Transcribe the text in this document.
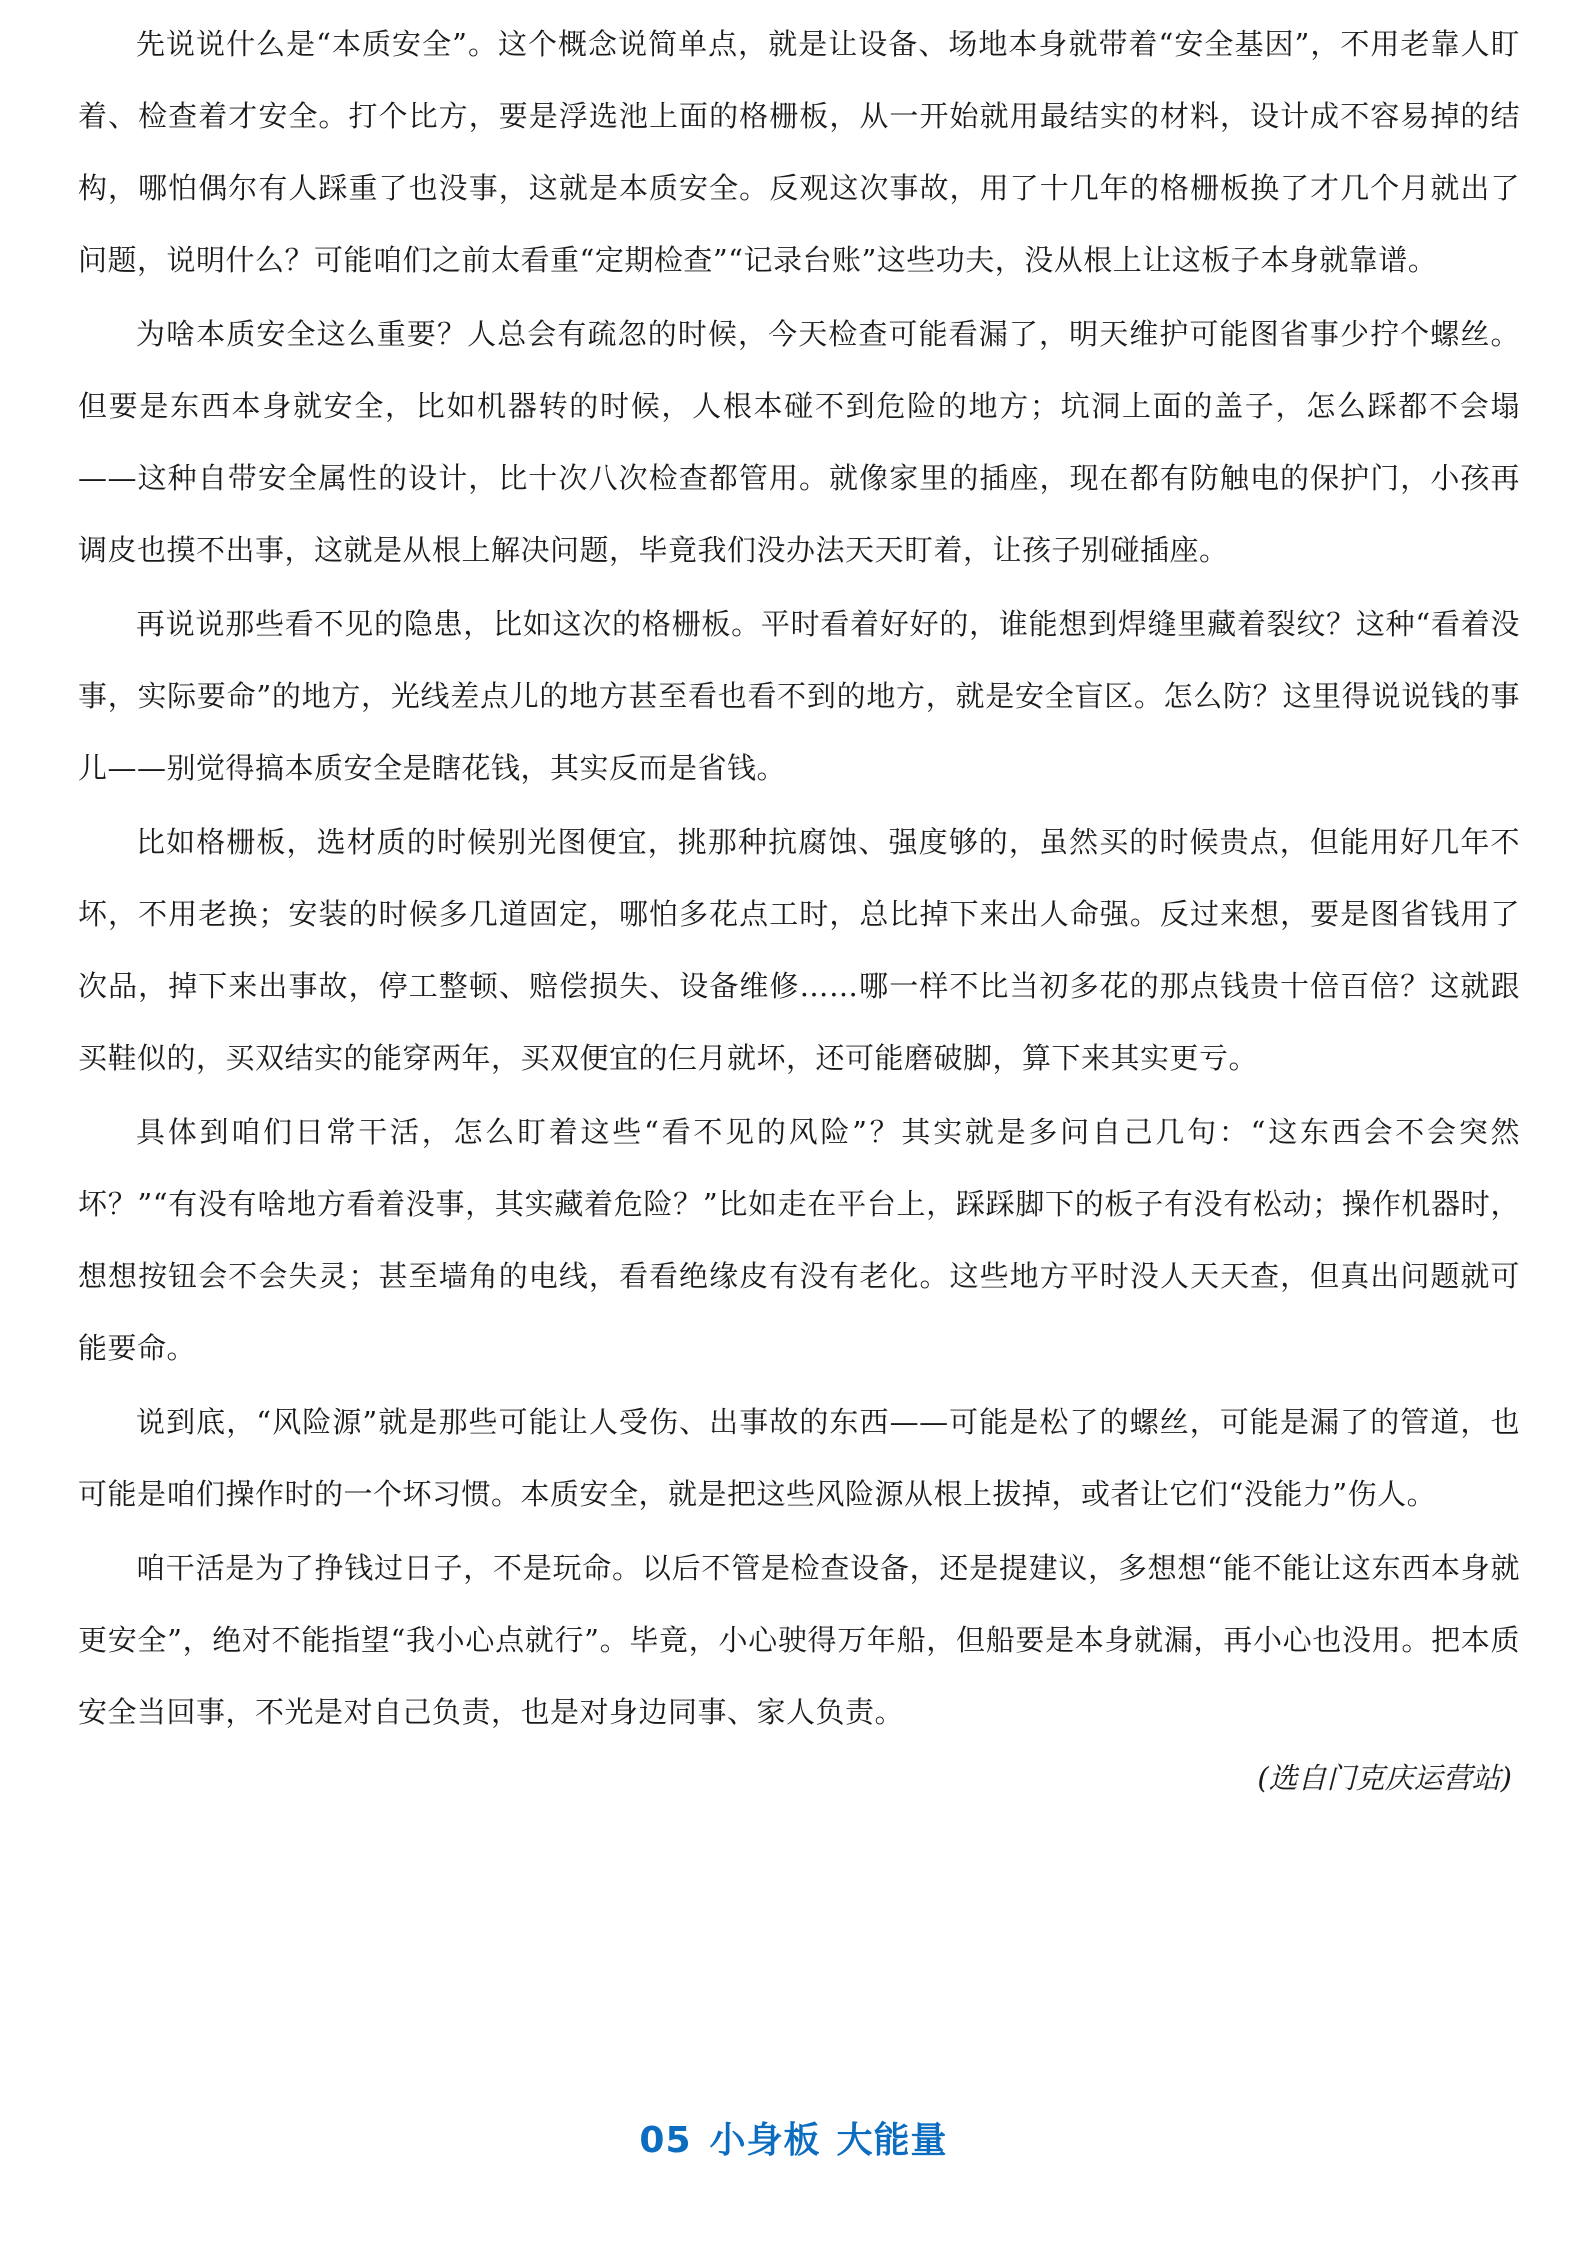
先说说什么是“本质安全”。这个概念说简单点，就是让设备、场地本身就带着“安全基因”，不用老靠人盯着、检查着才安全。打个比方，要是浮选池上面的格栅板，从一开始就用最结实的材料，设计成不容易掉的结构，哪怕偶尔有人踩重了也没事，这就是本质安全。反观这次事故，用了十几年的格栅板换了才几个月就出了问题，说明什么？可能咱们之前太看重“定期检查”“记录台账”这些功夫，没从根上让这板子本身就靠谱。

为啥本质安全这么重要？人总会有疏忽的时候，今天检查可能看漏了，明天维护可能图省事少拧个螺丝。但要是东西本身就安全，比如机器转的时候，人根本碰不到危险的地方；坑洞上面的盖子，怎么踩都不会塌——这种自带安全属性的设计，比十次八次检查都管用。就像家里的插座，现在都有防触电的保护门，小孩再调皮也摸不出事，这就是从根上解决问题，毕竟我们没办法天天盯着，让孩子别碰插座。

再说说那些看不见的隐患，比如这次的格栅板。平时看着好好的，谁能想到焊缝里藏着裂纹？这种“看着没事，实际要命”的地方，光线差点儿的地方甚至看也看不到的地方，就是安全盲区。怎么防？这里得说说钱的事儿——别觉得搞本质安全是瞎花钱，其实反而是省钱。

比如格栅板，选材质的时候别光图便宜，挑那种抗腐蚀、强度够的，虽然买的时候贵点，但能用好几年不坏，不用老换；安装的时候多几道固定，哪怕多花点工时，总比掉下来出人命强。反过来想，要是图省钱用了次品，掉下来出事故，停工整顿、赔偿损失、设备维修……哪一样不比当初多花的那点钱贵十倍百倍？这就跟买鞋似的，买双结实的能穿两年，买双便宜的仨月就坏，还可能磨破脚，算下来其实更亏。

具体到咱们日常干活，怎么盯着这些“看不见的风险”？其实就是多问自己几句：“这东西会不会突然坏？”“有没有啥地方看着没事，其实藏着危险？”比如走在平台上，踩踩脚下的板子有没有松动；操作机器时，想想按钮会不会失灵；甚至墙角的电线，看看绝缘皮有没有老化。这些地方平时没人天天查，但真出问题就可能要命。

说到底，“风险源”就是那些可能让人受伤、出事故的东西——可能是松了的螺丝，可能是漏了的管道，也可能是咱们操作时的一个坏习惯。本质安全，就是把这些风险源从根上拔掉，或者让它们“没能力”伤人。

咱干活是为了挣钱过日子，不是玩命。以后不管是检查设备，还是提建议，多想想“能不能让这东西本身就更安全”，绝对不能指望“我小心点就行”。毕竟，小心驶得万年船，但船要是本身就漏，再小心也没用。把本质安全当回事，不光是对自己负责，也是对身边同事、家人负责。

(选自门克庆运营站)
05 小身板 大能量
